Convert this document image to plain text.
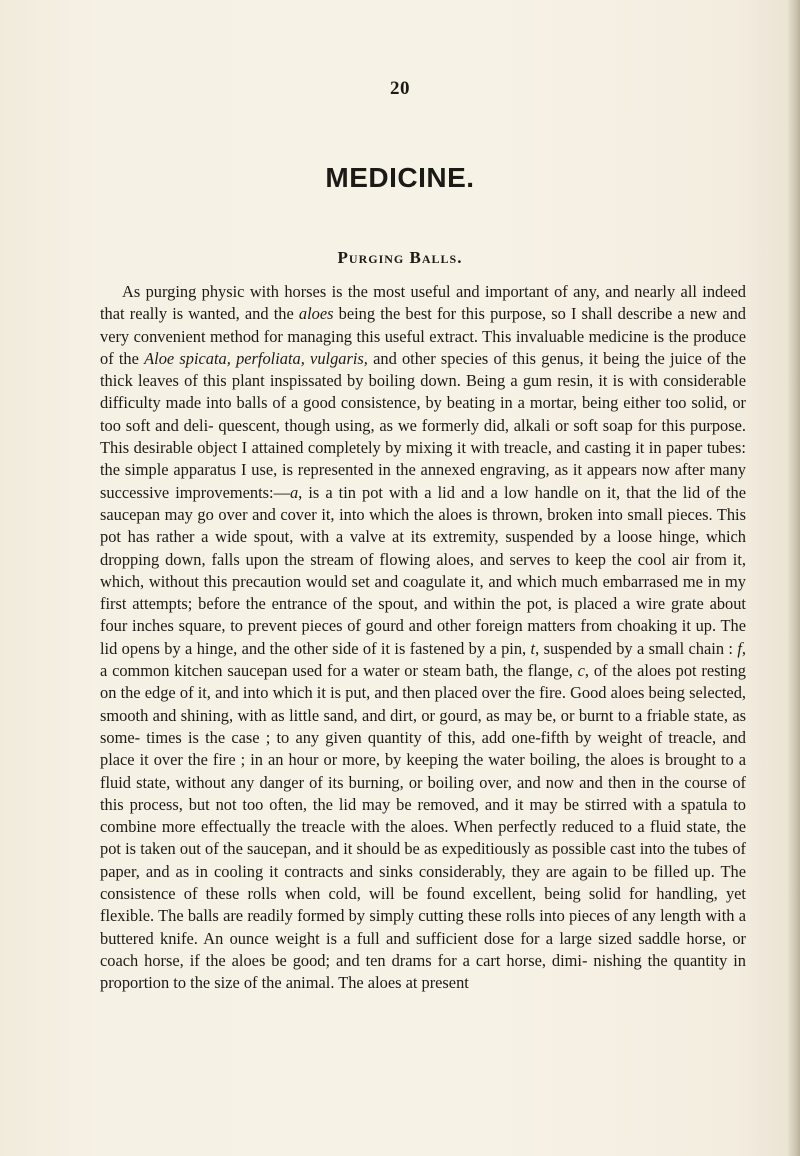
20
MEDICINE.
Purging Balls.

As purging physic with horses is the most useful and important of any, and nearly all indeed that really is wanted, and the aloes being the best for this purpose, so I shall describe a new and very convenient method for managing this useful extract. This invaluable medicine is the produce of the Aloe spicata, perfoliata, vulgaris, and other species of this genus, it being the juice of the thick leaves of this plant inspissated by boiling down. Being a gum resin, it is with considerable difficulty made into balls of a good consistence, by beating in a mortar, being either too solid, or too soft and deli- quescent, though using, as we formerly did, alkali or soft soap for this purpose. This desirable object I attained completely by mixing it with treacle, and casting it in paper tubes: the simple apparatus I use, is represented in the annexed engraving, as it appears now after many successive improvements:—a, is a tin pot with a lid and a low handle on it, that the lid of the saucepan may go over and cover it, into which the aloes is thrown, broken into small pieces. This pot has rather a wide spout, with a valve at its extremity, suspended by a loose hinge, which dropping down, falls upon the stream of flowing aloes, and serves to keep the cool air from it, which, without this precaution would set and coagulate it, and which much embarrased me in my first attempts; before the entrance of the spout, and within the pot, is placed a wire grate about four inches square, to prevent pieces of gourd and other foreign matters from choaking it up. The lid opens by a hinge, and the other side of it is fastened by a pin, t, suspended by a small chain : f, a common kitchen saucepan used for a water or steam bath, the flange, c, of the aloes pot resting on the edge of it, and into which it is put, and then placed over the fire. Good aloes being selected, smooth and shining, with as little sand, and dirt, or gourd, as may be, or burnt to a friable state, as some- times is the case ; to any given quantity of this, add one-fifth by weight of treacle, and place it over the fire ; in an hour or more, by keeping the water boiling, the aloes is brought to a fluid state, without any danger of its burning, or boiling over, and now and then in the course of this process, but not too often, the lid may be removed, and it may be stirred with a spatula to combine more effectually the treacle with the aloes. When perfectly reduced to a fluid state, the pot is taken out of the saucepan, and it should be as expeditiously as possible cast into the tubes of paper, and as in cooling it contracts and sinks considerably, they are again to be filled up. The consistence of these rolls when cold, will be found excellent, being solid for handling, yet flexible. The balls are readily formed by simply cutting these rolls into pieces of any length with a buttered knife. An ounce weight is a full and sufficient dose for a large sized saddle horse, or coach horse, if the aloes be good; and ten drams for a cart horse, dimi- nishing the quantity in proportion to the size of the animal. The aloes at present
